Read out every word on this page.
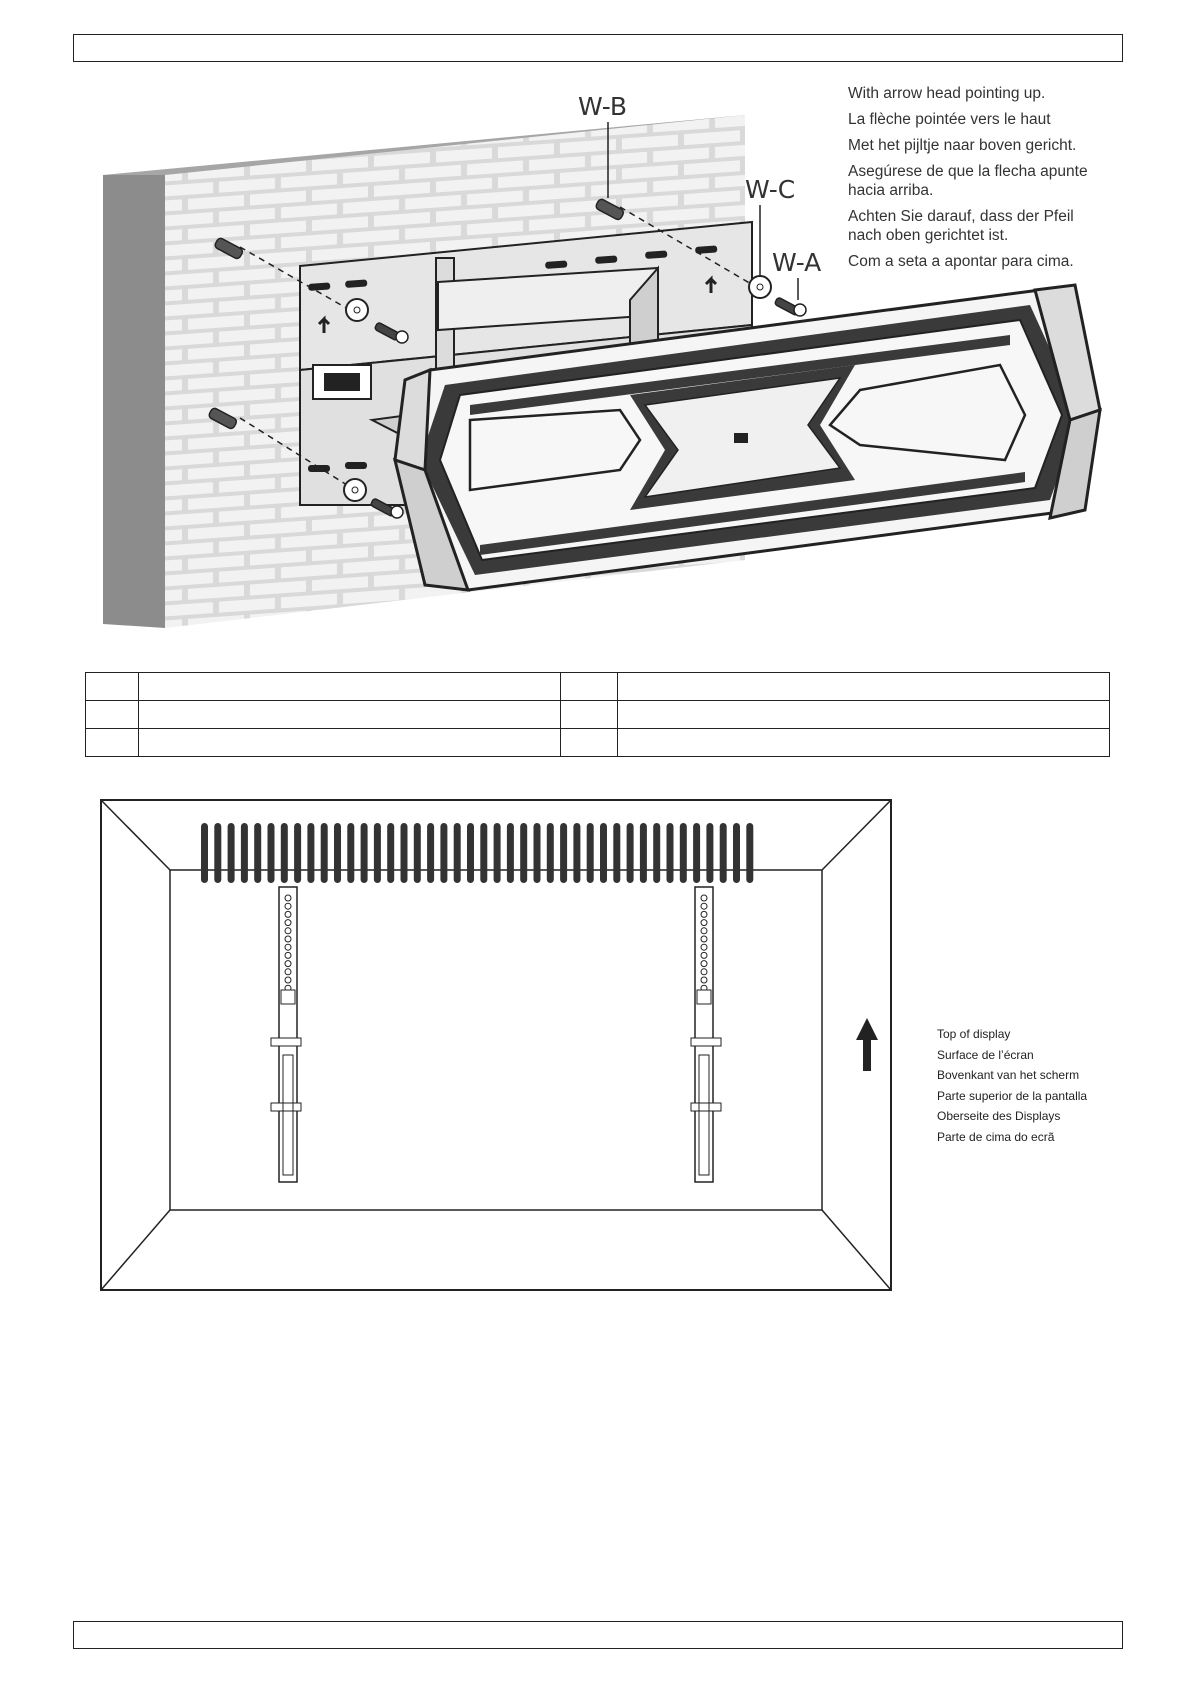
W-B
W-C
W-A
With arrow head pointing up.
La flèche pointée vers le haut
Met het pijltje naar boven gericht.
Asegúrese de que la flecha apunte hacia arriba.
Achten Sie darauf, dass der Pfeil nach oben gerichtet ist.
Com a seta a apontar para cima.

Top of display
Surface de l’écran
Bovenkant van het scherm
Parte superior de la pantalla
Oberseite des Displays
Parte de cima do ecrã
